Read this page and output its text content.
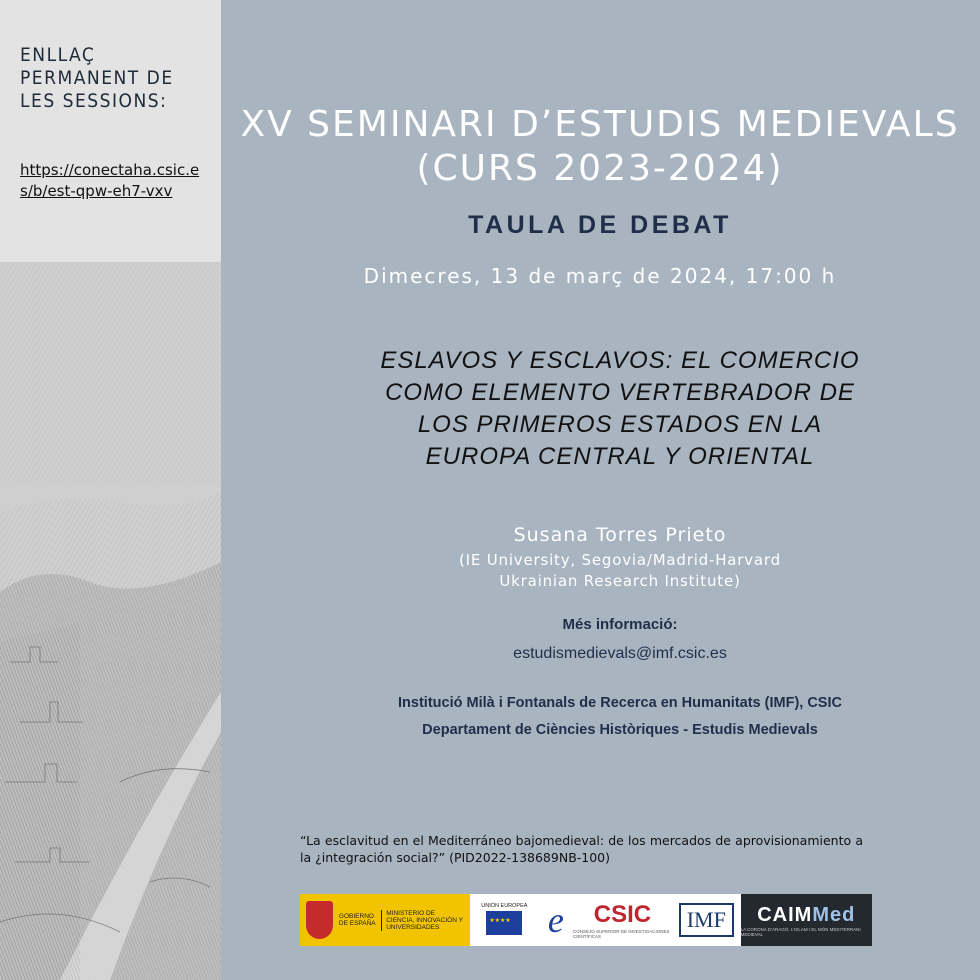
ENLLAÇ
PERMANENT DE
LES SESSIONS:
https://conectaha.csic.es/b/est-qpw-eh7-vxv
XV SEMINARI D’ESTUDIS MEDIEVALS
(CURS 2023-2024)
TAULA DE DEBAT
Dimecres, 13 de març de 2024, 17:00 h
ESLAVOS Y ESCLAVOS: EL COMERCIO
COMO ELEMENTO VERTEBRADOR DE
LOS PRIMEROS ESTADOS EN LA
EUROPA CENTRAL Y ORIENTAL
Susana Torres Prieto
(IE University, Segovia/Madrid-Harvard
Ukrainian Research Institute)
Més informació:
estudismedievals@imf.csic.es
Institució Milà i Fontanals de Recerca en Humanitats (IMF), CSIC
Departament de Ciències Històriques - Estudis Medievals
“La esclavitud en el Mediterráneo bajomedieval: de los mercados de aprovisionamiento a la ¿integración social?” (PID2022-138689NB-100)
GOBIERNO DE ESPAÑA
MINISTERIO DE CIENCIA, INNOVACIÓN Y UNIVERSIDADES
UNIÓN EUROPEA
★ ★ ★ ★ e CSIC
CONSEJO SUPERIOR DE INVESTIGACIONES CIENTÍFICAS
IMF	CAIMMed
LA CORONA D'ARAGÓ, L'ISLAM I EL MÓN MEDITERRANI MEDIEVAL
